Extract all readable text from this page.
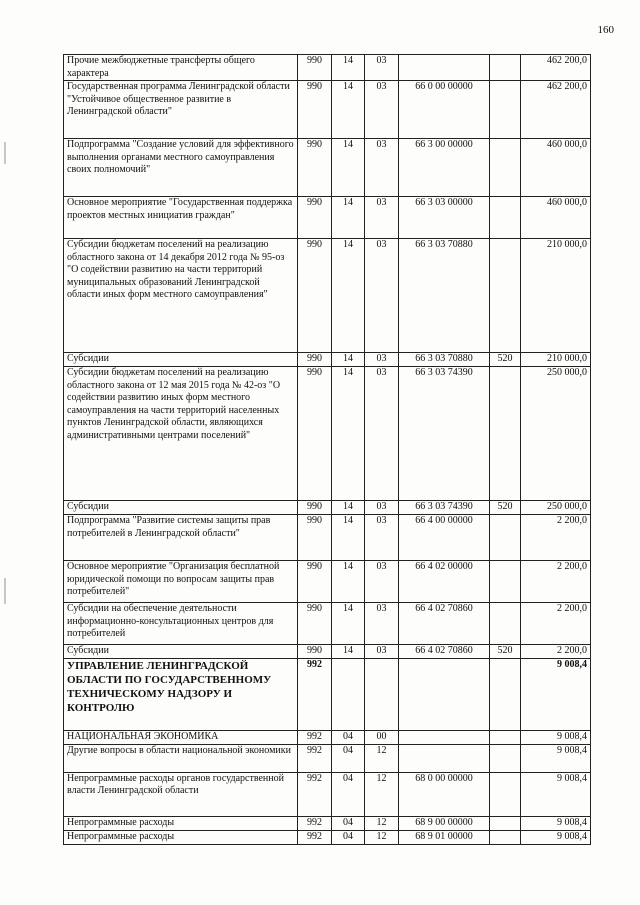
160
Прочие межбюджетные трансферты общего характера	990	14	03			462 200,0
Государственная программа Ленинградской области "Устойчивое общественное развитие в Ленинградской области"	990	14	03	66 0 00 00000		462 200,0
Подпрограмма "Создание условий для эффективного выполнения органами местного самоуправления своих полномочий"	990	14	03	66 3 00 00000		460 000,0
Основное мероприятие "Государственная поддержка проектов местных инициатив граждан"	990	14	03	66 3 03 00000		460 000,0
Субсидии бюджетам поселений на реализацию областного закона от 14 декабря 2012 года № 95-оз "О содействии развитию на части территорий муниципальных образований Ленинградской области иных форм местного самоуправления"	990	14	03	66 3 03 70880		210 000,0
Субсидии	990	14	03	66 3 03 70880	520	210 000,0
Субсидии бюджетам поселений на реализацию областного закона от 12 мая 2015 года № 42-оз "О содействии развитию иных форм местного самоуправления на части территорий населенных пунктов Ленинградской области, являющихся административными центрами поселений"	990	14	03	66 3 03 74390		250 000,0
Субсидии	990	14	03	66 3 03 74390	520	250 000,0
Подпрограмма "Развитие системы защиты прав потребителей в Ленинградской области"	990	14	03	66 4 00 00000		2 200,0
Основное мероприятие "Организация бесплатной юридической помощи по вопросам защиты прав потребителей"	990	14	03	66 4 02 00000		2 200,0
Субсидии на обеспечение деятельности информационно-консультационных центров для потребителей	990	14	03	66 4 02 70860		2 200,0
Субсидии	990	14	03	66 4 02 70860	520	2 200,0
УПРАВЛЕНИЕ ЛЕНИНГРАДСКОЙ ОБЛАСТИ ПО ГОСУДАРСТВЕННОМУ ТЕХНИЧЕСКОМУ НАДЗОРУ И КОНТРОЛЮ	992					9 008,4
НАЦИОНАЛЬНАЯ ЭКОНОМИКА	992	04	00			9 008,4
Другие вопросы в области национальной экономики	992	04	12			9 008,4
Непрограммные расходы органов государственной власти Ленинградской области	992	04	12	68 0 00 00000		9 008,4
Непрограммные расходы	992	04	12	68 9 00 00000		9 008,4
Непрограммные расходы	992	04	12	68 9 01 00000		9 008,4
